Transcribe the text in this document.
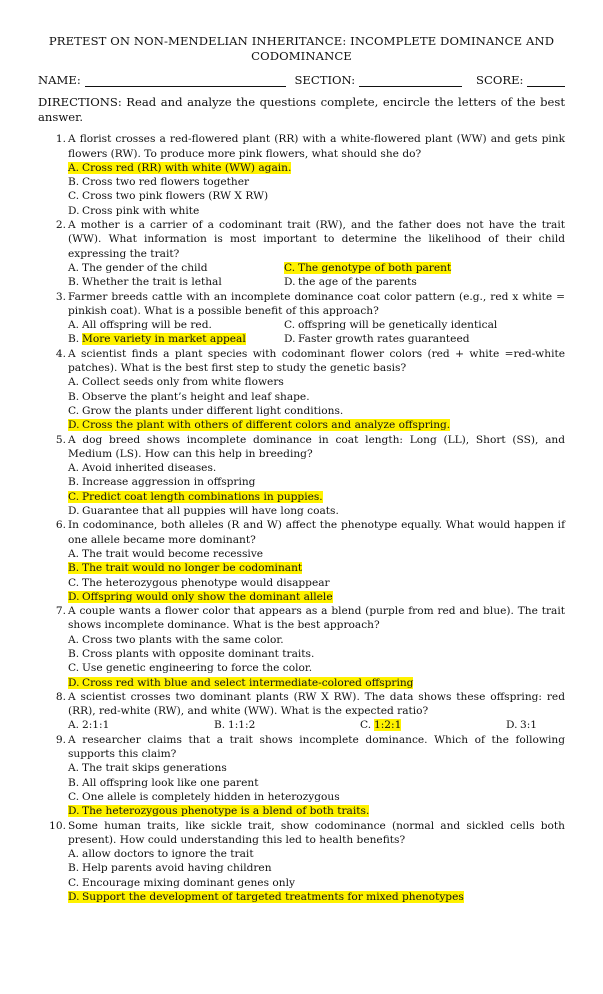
PRETEST ON NON-MENDELIAN INHERITANCE: INCOMPLETE DOMINANCE AND
CODOMINANCE
NAME:	SECTION:	SCORE:
DIRECTIONS: Read and analyze the questions complete, encircle the letters of the best answer.
1. A florist crosses a red-flowered plant (RR) with a white-flowered plant (WW) and gets pink flowers (RW). To produce more pink flowers, what should she do?
A. Cross red (RR) with white (WW) again.
B. Cross two red flowers together
C. Cross two pink flowers (RW X RW)
D. Cross pink with white
2. A mother is a carrier of a codominant trait (RW), and the father does not have the trait (WW). What information is most important to determine the likelihood of their child expressing the trait?
A. The gender of the child	C. The genotype of both parent
B. Whether the trait is lethal	D. the age of the parents
3. Farmer breeds cattle with an incomplete dominance coat color pattern (e.g., red x white = pinkish coat). What is a possible benefit of this approach?
A. All offspring will be red.	C. offspring will be genetically identical
B. More variety in market appeal	D. Faster growth rates guaranteed
4. A scientist finds a plant species with codominant flower colors (red + white =red-white patches). What is the best first step to study the genetic basis?
A. Collect seeds only from white flowers
B. Observe the plant’s height and leaf shape.
C. Grow the plants under different light conditions.
D. Cross the plant with others of different colors and analyze offspring.
5. A dog breed shows incomplete dominance in coat length: Long (LL), Short (SS), and Medium (LS). How can this help in breeding?
A. Avoid inherited diseases.
B. Increase aggression in offspring
C. Predict coat length combinations in puppies.
D. Guarantee that all puppies will have long coats.
6. In codominance, both alleles (R and W) affect the phenotype equally. What would happen if one allele became more dominant?
A. The trait would become recessive
B. The trait would no longer be codominant
C. The heterozygous phenotype would disappear
D. Offspring would only show the dominant allele
7. A couple wants a flower color that appears as a blend (purple from red and blue). The trait shows incomplete dominance. What is the best approach?
A. Cross two plants with the same color.
B. Cross plants with opposite dominant traits.
C. Use genetic engineering to force the color.
D. Cross red with blue and select intermediate-colored offspring
8. A scientist crosses two dominant plants (RW X RW). The data shows these offspring: red (RR), red-white (RW), and white (WW). What is the expected ratio?
A. 2:1:1	B. 1:1:2	C. 1:2:1	D. 3:1
9. A researcher claims that a trait shows incomplete dominance. Which of the following supports this claim?
A. The trait skips generations
B. All offspring look like one parent
C. One allele is completely hidden in heterozygous
D. The heterozygous phenotype is a blend of both traits.
10. Some human traits, like sickle trait, show codominance (normal and sickled cells both present). How could understanding this led to health benefits?
A. allow doctors to ignore the trait
B. Help parents avoid having children
C. Encourage mixing dominant genes only
D. Support the development of targeted treatments for mixed phenotypes
